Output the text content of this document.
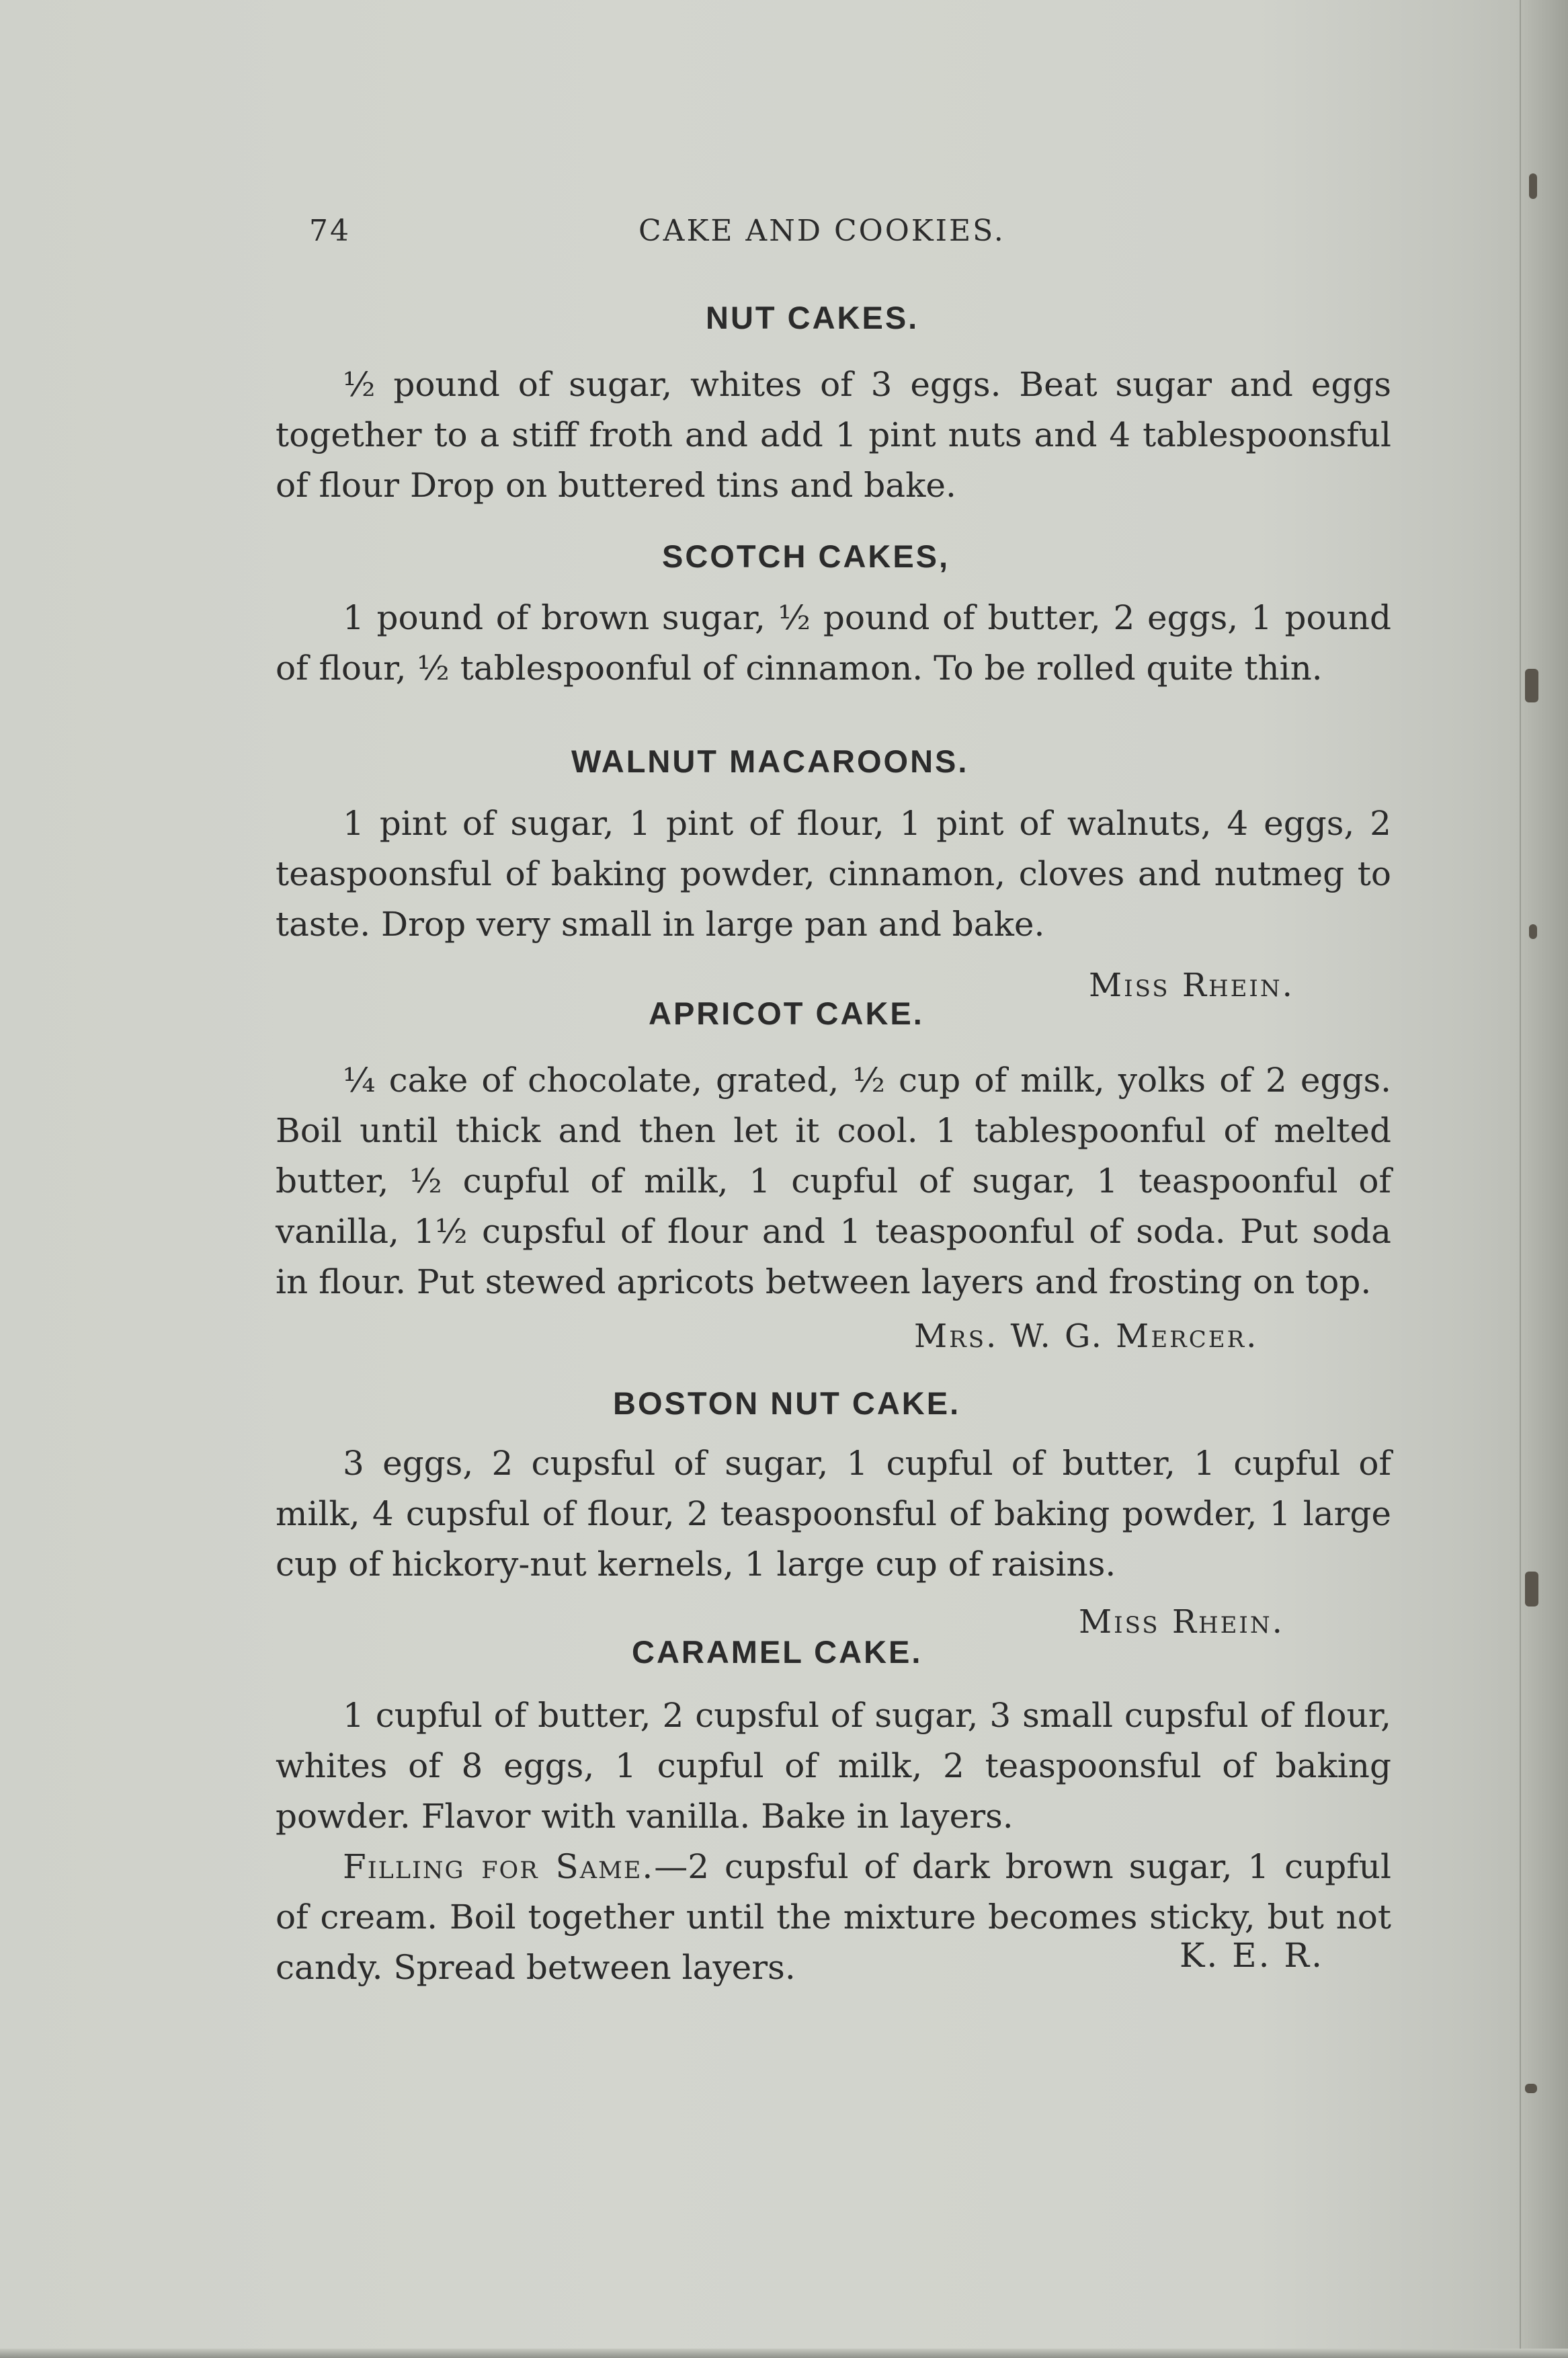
74	CAKE AND COOKIES.
NUT CAKES.

½ pound of sugar, whites of 3 eggs. Beat sugar and eggs together to a stiff froth and add 1 pint nuts and 4 tablespoonsful of flour Drop on buttered tins and bake.

SCOTCH CAKES,

1 pound of brown sugar, ½ pound of butter, 2 eggs, 1 pound of flour, ½ tablespoonful of cinnamon. To be rolled quite thin.

WALNUT MACAROONS.

1 pint of sugar, 1 pint of flour, 1 pint of walnuts, 4 eggs, 2 teaspoonsful of baking powder, cinnamon, cloves and nutmeg to taste. Drop very small in large pan and bake.

Miss Rhein.
APRICOT CAKE.

¼ cake of chocolate, grated, ½ cup of milk, yolks of 2 eggs. Boil until thick and then let it cool. 1 tablespoonful of melted butter, ½ cupful of milk, 1 cupful of sugar, 1 teaspoonful of vanilla, 1½ cupsful of flour and 1 teaspoonful of soda. Put soda in flour. Put stewed apricots between layers and frosting on top.

Mrs. W. G. Mercer.
BOSTON NUT CAKE.

3 eggs, 2 cupsful of sugar, 1 cupful of butter, 1 cupful of milk, 4 cupsful of flour, 2 teaspoonsful of baking powder, 1 large cup of hickory-nut kernels, 1 large cup of raisins.

Miss Rhein.
CARAMEL CAKE.

1 cupful of butter, 2 cupsful of sugar, 3 small cupsful of flour, whites of 8 eggs, 1 cupful of milk, 2 teaspoonsful of baking powder. Flavor with vanilla. Bake in layers.

Filling for Same.—2 cupsful of dark brown sugar, 1 cupful of cream. Boil together until the mixture becomes sticky, but not candy. Spread between layers.	K. E. R.
